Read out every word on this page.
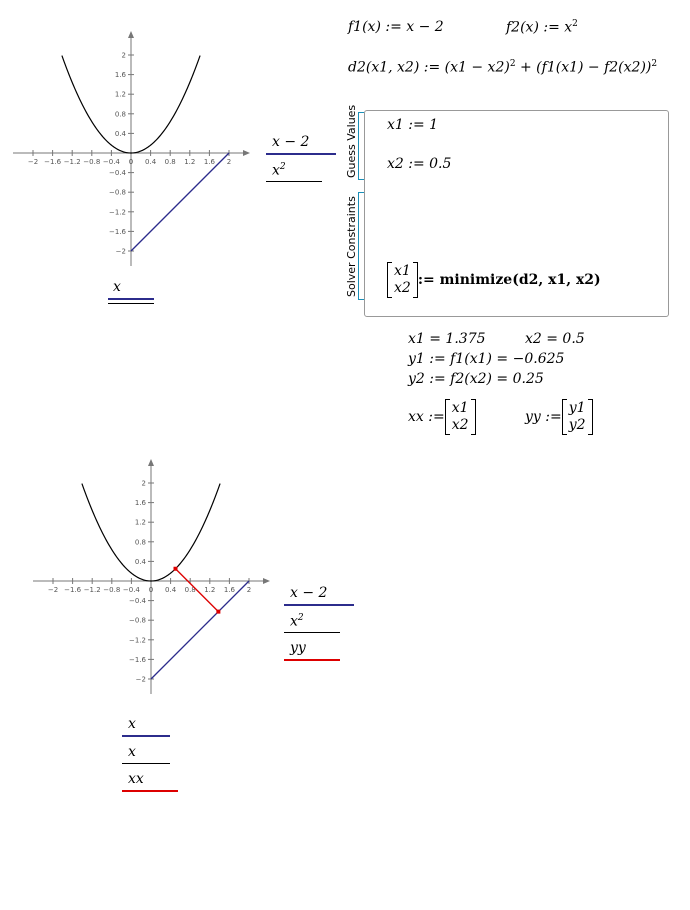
f1(x) := x − 2	f2(x) := $x^2$
d2(x1, x2) := $(x1 - x2)^2 + (f1(x1) - f2(x2))^2$
−2 −1.6 −1.2 −0.8 −0.4 0 0.4 0.8 1.2 1.6 2
2
1.6
1.2
0.8
0.4
−0.4
−0.8
−1.2
−1.6
−2
x − 2
$x^2$
x
x1 := 1
x2 := 0.5
x1
x2 := minimize(d2, x1, x2)
Guess Values
Solver Constraints
x1 = 1.375	x2 = 0.5
y1 := f1(x1) = −0.625
y2 := f2(x2) = 0.25
xx :=
x1
x2	yy :=
y1
y2
−2 −1.6 −1.2 −0.8 −0.4 0 0.4 0.8 1.2 1.6 2
2
1.6
1.2
0.8
0.4
−0.4
−0.8
−1.2
−1.6
−2
x − 2
$x^2$
yy
x
x
xx
